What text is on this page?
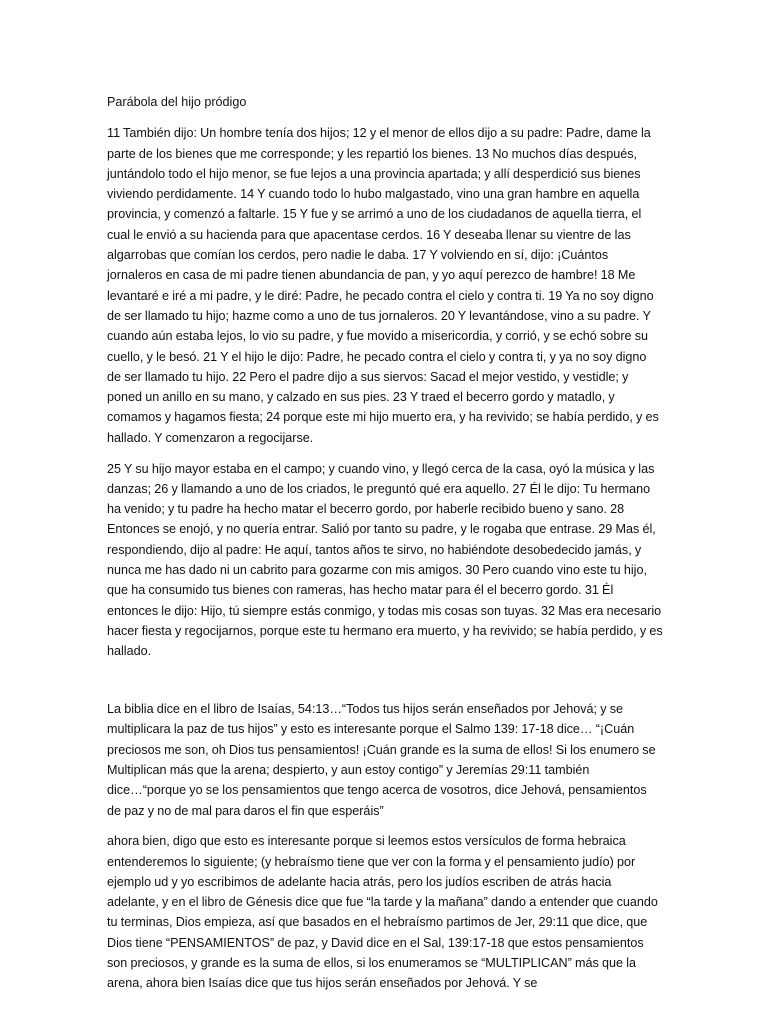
Parábola del hijo pródigo

11 También dijo: Un hombre tenía dos hijos; 12 y el menor de ellos dijo a su padre: Padre, dame la parte de los bienes que me corresponde; y les repartió los bienes. 13 No muchos días después, juntándolo todo el hijo menor, se fue lejos a una provincia apartada; y allí desperdició sus bienes viviendo perdidamente. 14 Y cuando todo lo hubo malgastado, vino una gran hambre en aquella provincia, y comenzó a faltarle. 15 Y fue y se arrimó a uno de los ciudadanos de aquella tierra, el cual le envió a su hacienda para que apacentase cerdos. 16 Y deseaba llenar su vientre de las algarrobas que comían los cerdos, pero nadie le daba. 17 Y volviendo en sí, dijo: ¡Cuántos jornaleros en casa de mi padre tienen abundancia de pan, y yo aquí perezco de hambre! 18 Me levantaré e iré a mi padre, y le diré: Padre, he pecado contra el cielo y contra ti. 19 Ya no soy digno de ser llamado tu hijo; hazme como a uno de tus jornaleros. 20 Y levantándose, vino a su padre. Y cuando aún estaba lejos, lo vio su padre, y fue movido a misericordia, y corrió, y se echó sobre su cuello, y le besó. 21 Y el hijo le dijo: Padre, he pecado contra el cielo y contra ti, y ya no soy digno de ser llamado tu hijo. 22 Pero el padre dijo a sus siervos: Sacad el mejor vestido, y vestidle; y poned un anillo en su mano, y calzado en sus pies. 23 Y traed el becerro gordo y matadlo, y comamos y hagamos fiesta; 24 porque este mi hijo muerto era, y ha revivido; se había perdido, y es hallado. Y comenzaron a regocijarse.

25 Y su hijo mayor estaba en el campo; y cuando vino, y llegó cerca de la casa, oyó la música y las danzas; 26 y llamando a uno de los criados, le preguntó qué era aquello. 27 Él le dijo: Tu hermano ha venido; y tu padre ha hecho matar el becerro gordo, por haberle recibido bueno y sano. 28 Entonces se enojó, y no quería entrar. Salió por tanto su padre, y le rogaba que entrase. 29 Mas él, respondiendo, dijo al padre: He aquí, tantos años te sirvo, no habiéndote desobedecido jamás, y nunca me has dado ni un cabrito para gozarme con mis amigos. 30 Pero cuando vino este tu hijo, que ha consumido tus bienes con rameras, has hecho matar para él el becerro gordo. 31 Él entonces le dijo: Hijo, tú siempre estás conmigo, y todas mis cosas son tuyas. 32 Mas era necesario hacer fiesta y regocijarnos, porque este tu hermano era muerto, y ha revivido; se había perdido, y es hallado.

La biblia dice en el libro de Isaías, 54:13…“Todos tus hijos serán enseñados por Jehová; y se multiplicara la paz de tus hijos” y esto es interesante porque el Salmo 139: 17-18 dice… “¡Cuán preciosos me son, oh Dios tus pensamientos! ¡Cuán grande es la suma de ellos! Si los enumero se Multiplican más que la arena; despierto, y aun estoy contigo” y Jeremías 29:11 también dice…“porque yo se los pensamientos que tengo acerca de vosotros, dice Jehová, pensamientos de paz y no de mal para daros el fin que esperáis”

ahora bien, digo que esto es interesante porque si leemos estos versículos de forma hebraica entenderemos lo siguiente; (y hebraísmo tiene que ver con la forma y el pensamiento judío) por ejemplo ud y yo escribimos de adelante hacia atrás, pero los judíos escriben de atrás hacia adelante, y en el libro de Génesis dice que fue “la tarde y la mañana” dando a entender que cuando tu terminas, Dios empieza, así que basados en el hebraísmo partimos de Jer, 29:11 que dice, que Dios tiene “PENSAMIENTOS” de paz, y David dice en el Sal, 139:17-18 que estos pensamientos son preciosos, y grande es la suma de ellos, si los enumeramos se “MULTIPLICAN” más que la arena, ahora bien Isaías dice que tus hijos serán enseñados por Jehová. Y se
